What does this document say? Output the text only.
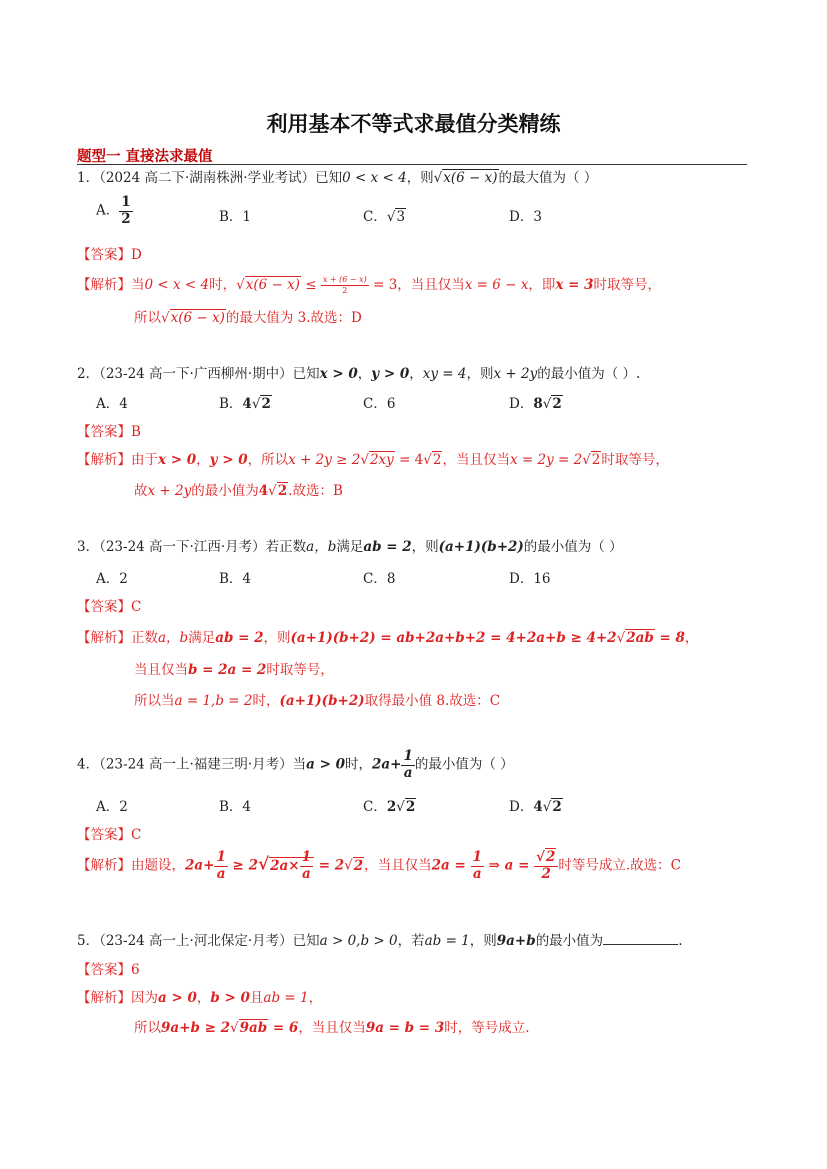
利用基本不等式求最值分类精练
题型一 直接法求最值
1．（2024 高二下·湖南株洲·学业考试）已知0 < x < 4，则√x(6 − x)的最大值为（ ）
A． $\frac{1}{2}$	B．1	C．√3	D．3
【答案】D
【解析】当0 < x < 4时，$√x(6 - x) \le \frac{x + (6 - x)}{2} = 3$，当且仅当x = 6 − x，即x = 3时取等号，
所以√x(6 − x)的最大值为 3.故选：D
2．（23-24 高一下·广西柳州·期中）已知x > 0，y > 0，xy = 4，则x + 2y的最小值为（ ）.
A．4	B．4√2	C．6	D．8√2
【答案】B
【解析】由于x > 0，y > 0，所以x + 2y ≥ 2√2xy = 4√2，当且仅当x = 2y = 2√2时取等号，
故x + 2y的最小值为4√2.故选：B
3．（23-24 高一下·江西·月考）若正数a，b满足ab = 2，则(a+1)(b+2)的最小值为（ ）
A．2	B．4	C．8	D．16
【答案】C
【解析】正数a，b满足ab = 2，则(a+1)(b+2) = ab+2a+b+2 = 4+2a+b ≥ 4+2√2ab = 8，
当且仅当b = 2a = 2时取等号，
所以当a = 1,b = 2时，(a+1)(b+2)取得最小值 8.故选：C
4．（23-24 高一上·福建三明·月考）当a > 0时，$2a+ \frac{1}{a}$ 的最小值为（ ）
A．2	B．4	C．2√2	D．4√2
【答案】C
【解析】由题设，$2a+ \frac{1}{a} \ge 2√2a\times \frac{1}{a} = 2√2$，当且仅当$2a = \frac{1}{a}$ ⇒ $a = \frac{√2}{2}$ 时等号成立.故选：C
5．（23-24 高一上·河北保定·月考）已知a > 0,b > 0，若ab = 1，则9a+b的最小值为	.
【答案】6
【解析】因为a > 0，b > 0且ab = 1，
所以9a+b ≥ 2√9ab = 6，当且仅当9a = b = 3时，等号成立.
